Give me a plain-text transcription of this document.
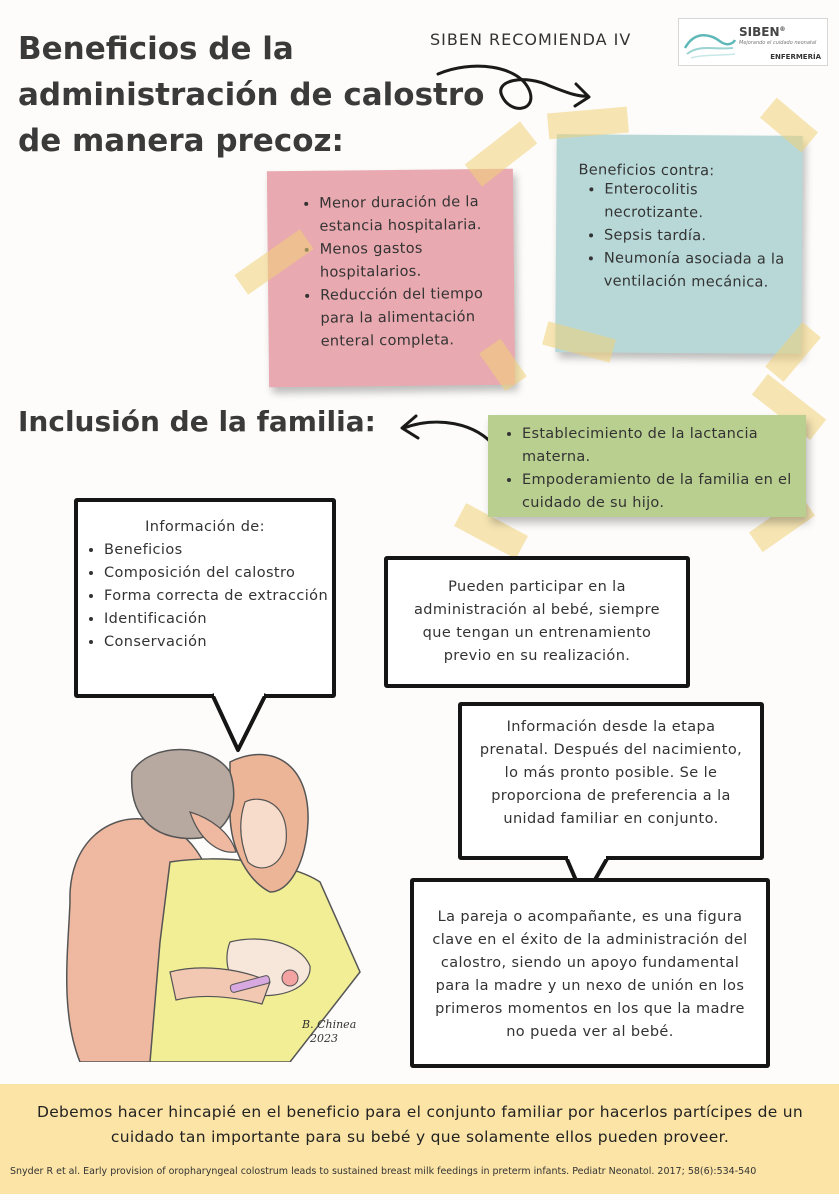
Beneficios de la
administración de calostro
de manera precoz:
SIBEN RECOMIENDA IV	SIBEN®
Mejorando el cuidado neonatal
ENFERMERÍA
• Menor duración de la estancia hospitalaria.
• Menos gastos hospitalarios.
• Reducción del tiempo para la alimentación enteral completa.
Beneficios contra:
• Enterocolitis necrotizante.
• Sepsis tardía.
• Neumonía asociada a la ventilación mecánica.
Inclusión de la familia:
•	Establecimiento de la lactancia materna.
• Empoderamiento de la familia en el cuidado de su hijo.
Información de:
• Beneficios
• Composición del calostro
• Forma correcta de extracción
• Identificación
• Conservación
Pueden participar en la administración al bebé, siempre que tengan un entrenamiento previo en su realización.
Información desde la etapa prenatal. Después del nacimiento, lo más pronto posible. Se le proporciona de preferencia a la unidad familiar en conjunto.
La pareja o acompañante, es una figura clave en el éxito de la administración del calostro, siendo un apoyo fundamental para la madre y un nexo de unión en los primeros momentos en los que la madre no pueda ver al bebé.
B. Chinea
2023
Debemos hacer hincapié en el beneficio para el conjunto familiar por hacerlos partícipes de un cuidado tan importante para su bebé y que solamente ellos pueden proveer.
Snyder R et al. Early provision of oropharyngeal colostrum leads to sustained breast milk feedings in preterm infants. Pediatr Neonatol. 2017; 58(6):534-540
